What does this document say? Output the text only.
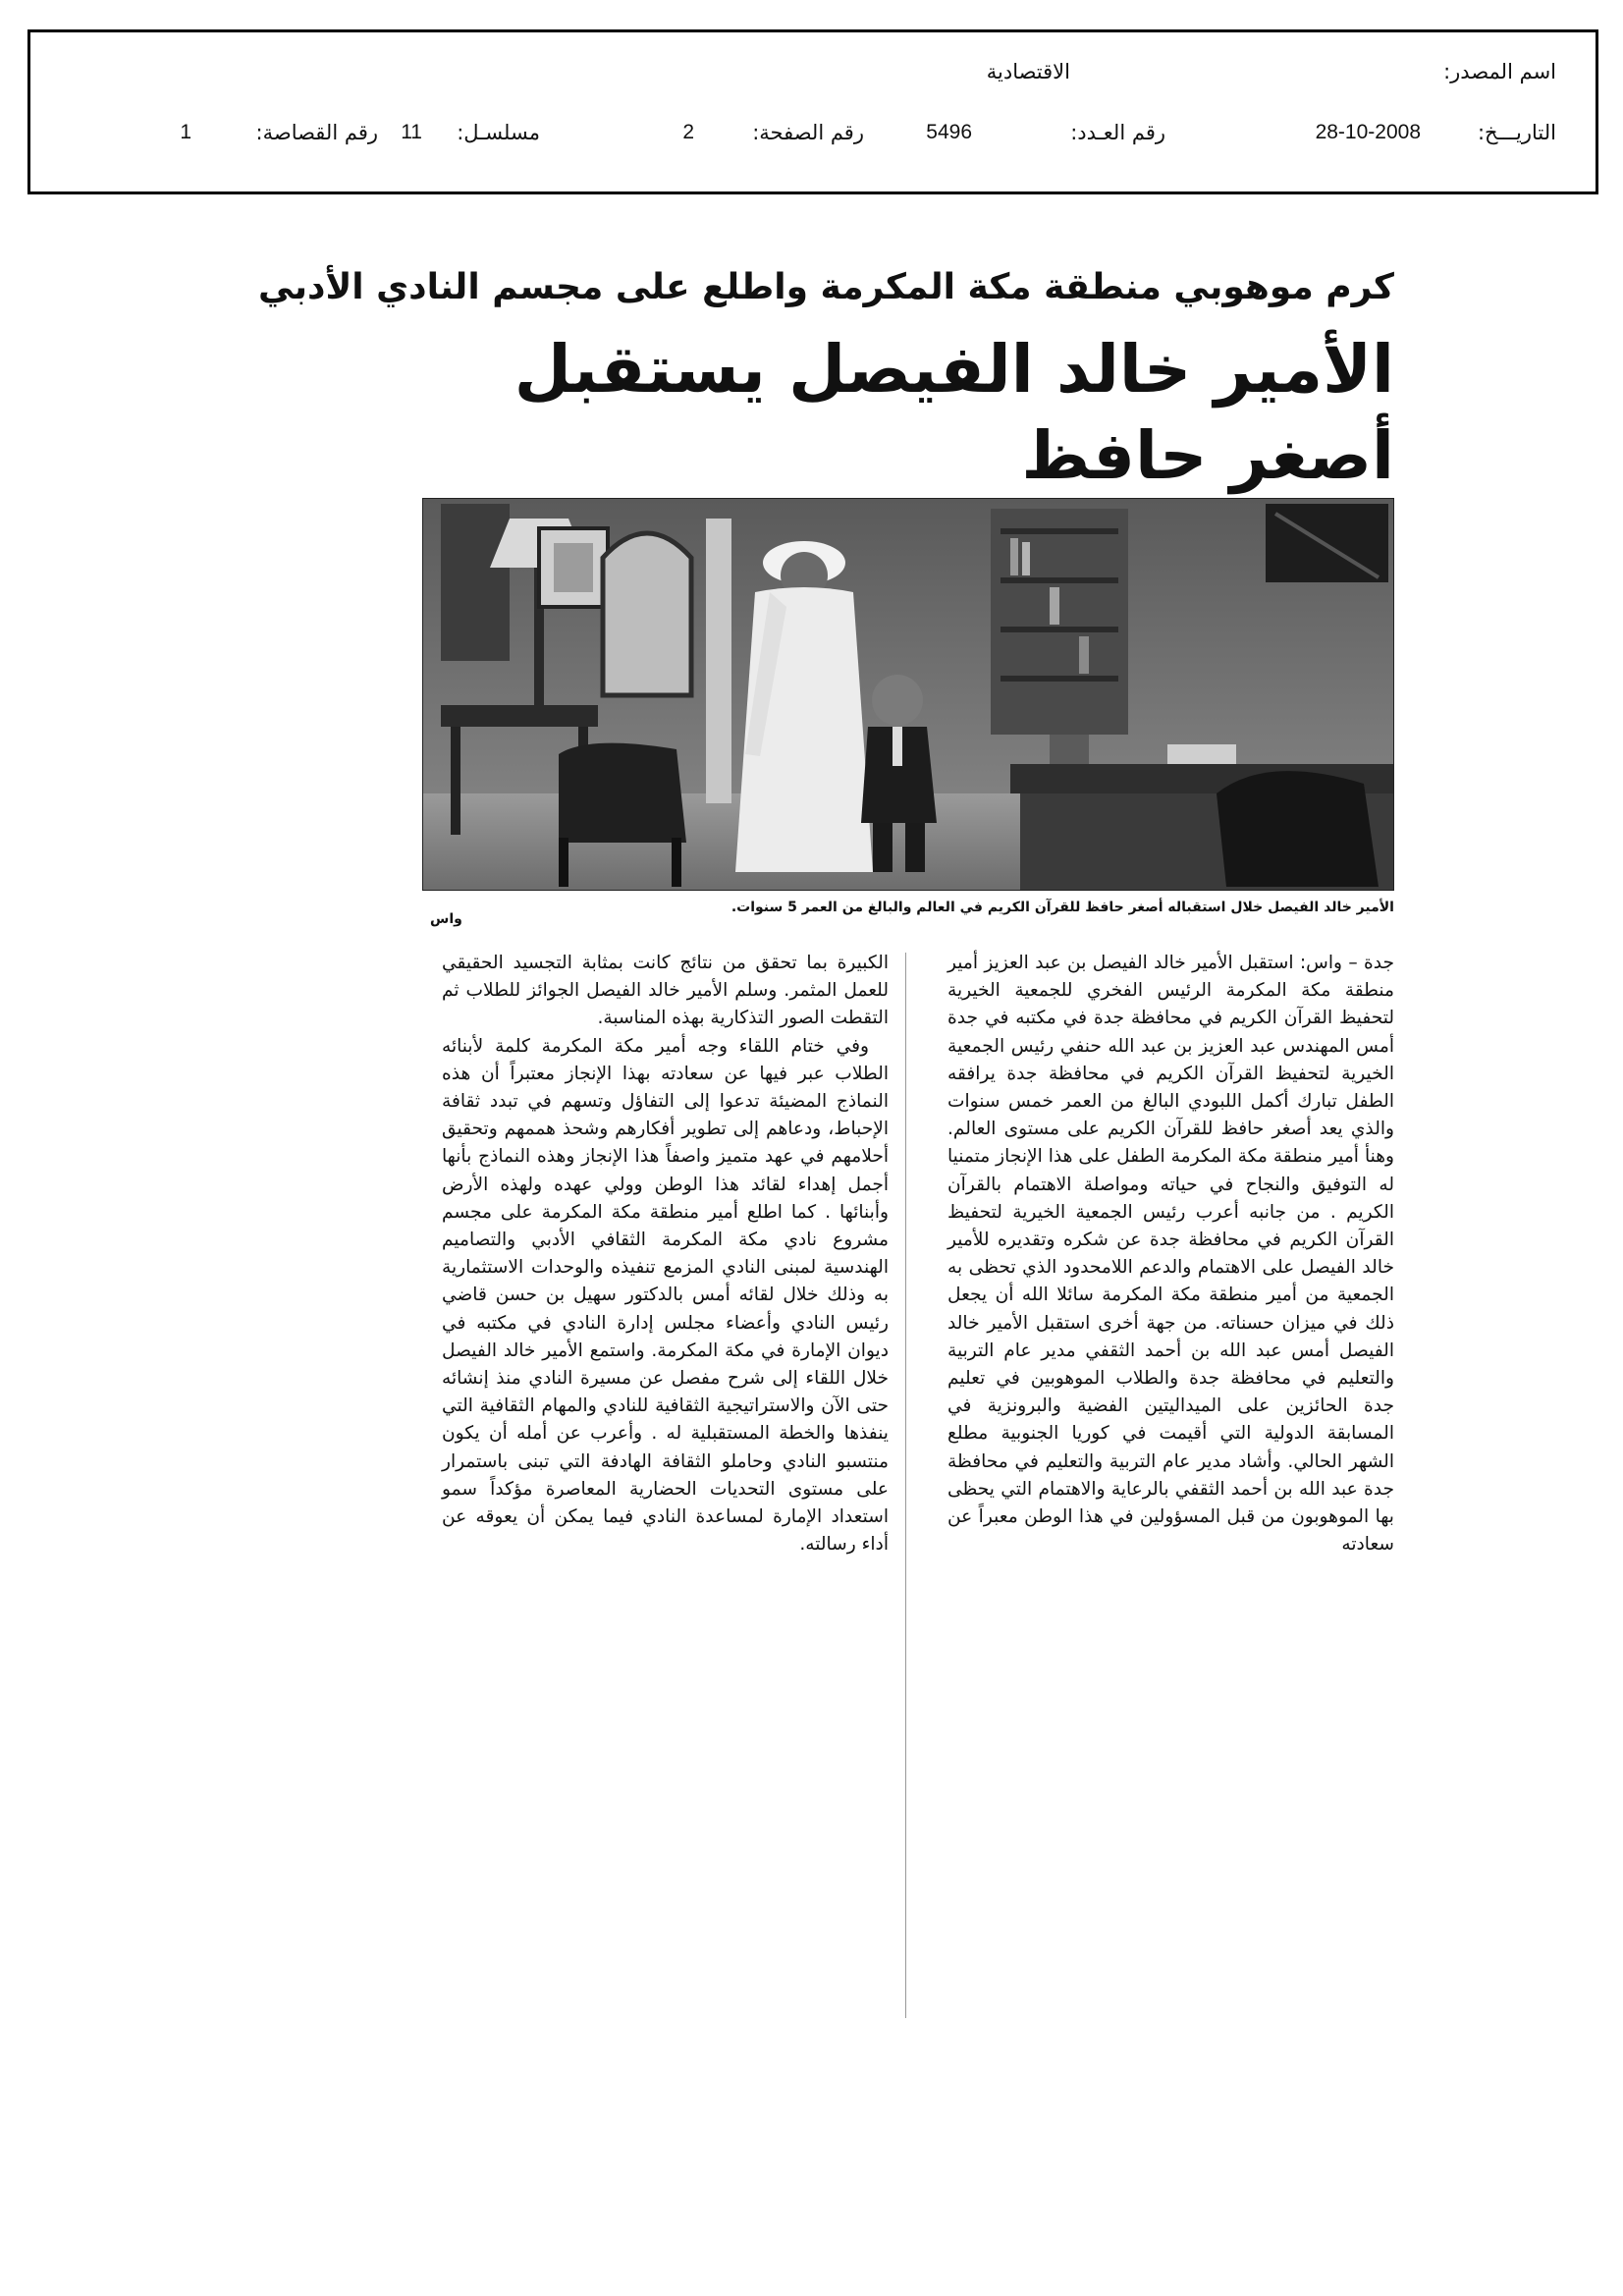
اسم المصدر:
الاقتصادية
التاريـــخ:
28-10-2008
رقم العـدد:
5496
رقم الصفحة:
2
مسلسـل:
11
رقم القصاصة:
1
كرم موهوبي منطقة مكة المكرمة واطلع على مجسم النادي الأدبي
الأمير خالد الفيصل يستقبل أصغر حافظ
الأمير خالد الفيصل خلال استقباله أصغر حافظ للقرآن الكريم في العالم والبالغ من العمر 5 سنوات.
واس

جدة – واس: استقبل الأمير خالد الفيصل بن عبد العزيز أمير منطقة مكة المكرمة الرئيس الفخري للجمعية الخيرية لتحفيظ القرآن الكريم في محافظة جدة في مكتبه في جدة أمس المهندس عبد العزيز بن عبد الله حنفي رئيس الجمعية الخيرية لتحفيظ القرآن الكريم في محافظة جدة يرافقه الطفل تبارك أكمل اللبودي البالغ من العمر خمس سنوات والذي يعد أصغر حافظ للقرآن الكريم على مستوى العالم. وهنأ أمير منطقة مكة المكرمة الطفل على هذا الإنجاز متمنيا له التوفيق والنجاح في حياته ومواصلة الاهتمام بالقرآن الكريم . من جانبه أعرب رئيس الجمعية الخيرية لتحفيظ القرآن الكريم في محافظة جدة عن شكره وتقديره للأمير خالد الفيصل على الاهتمام والدعم اللامحدود الذي تحظى به الجمعية من أمير منطقة مكة المكرمة سائلا الله أن يجعل ذلك في ميزان حسناته. من جهة أخرى استقبل الأمير خالد الفيصل أمس عبد الله بن أحمد الثقفي مدير عام التربية والتعليم في محافظة جدة والطلاب الموهوبين في تعليم جدة الحائزين على الميداليتين الفضية والبرونزية في المسابقة الدولية التي أقيمت في كوريا الجنوبية مطلع الشهر الحالي. وأشاد مدير عام التربية والتعليم في محافظة جدة عبد الله بن أحمد الثقفي بالرعاية والاهتمام التي يحظى بها الموهوبون من قبل المسؤولين في هذا الوطن معبراً عن سعادته

الكبيرة بما تحقق من نتائج كانت بمثابة التجسيد الحقيقي للعمل المثمر. وسلم الأمير خالد الفيصل الجوائز للطلاب ثم التقطت الصور التذكارية بهذه المناسبة.

وفي ختام اللقاء وجه أمير مكة المكرمة كلمة لأبنائه الطلاب عبر فيها عن سعادته بهذا الإنجاز معتبراً أن هذه النماذج المضيئة تدعوا إلى التفاؤل وتسهم في تبدد ثقافة الإحباط، ودعاهم إلى تطوير أفكارهم وشحذ هممهم وتحقيق أحلامهم في عهد متميز واصفاً هذا الإنجاز وهذه النماذج بأنها أجمل إهداء لقائد هذا الوطن وولي عهده ولهذه الأرض وأبنائها . كما اطلع أمير منطقة مكة المكرمة على مجسم مشروع نادي مكة المكرمة الثقافي الأدبي والتصاميم الهندسية لمبنى النادي المزمع تنفيذه والوحدات الاستثمارية به وذلك خلال لقائه أمس بالدكتور سهيل بن حسن قاضي رئيس النادي وأعضاء مجلس إدارة النادي في مكتبه في ديوان الإمارة في مكة المكرمة. واستمع الأمير خالد الفيصل خلال اللقاء إلى شرح مفصل عن مسيرة النادي منذ إنشائه حتى الآن والاستراتيجية الثقافية للنادي والمهام الثقافية التي ينفذها والخطة المستقبلية له . وأعرب عن أمله أن يكون منتسبو النادي وحاملو الثقافة الهادفة التي تبنى باستمرار على مستوى التحديات الحضارية المعاصرة مؤكداً سمو استعداد الإمارة لمساعدة النادي فيما يمكن أن يعوقه عن أداء رسالته.
